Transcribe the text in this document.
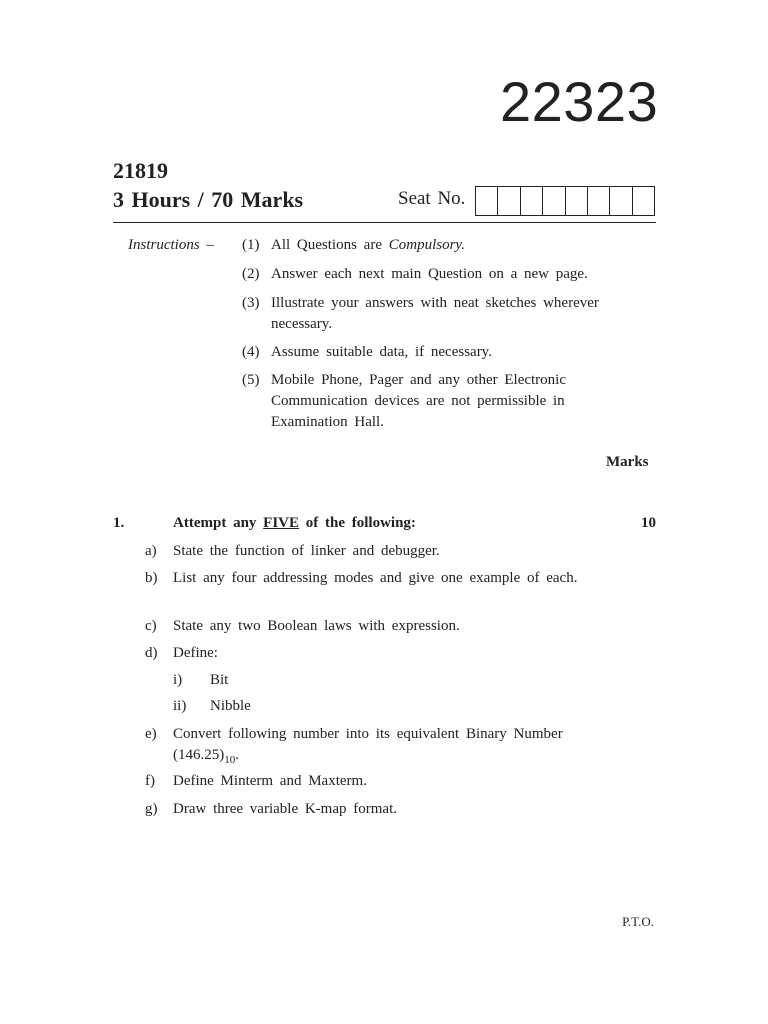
22323
21819
3 Hours / 70 Marks	Seat No.
Instructions – (1) All Questions are Compulsory.
(2) Answer each next main Question on a new page.
(3) Illustrate your answers with neat sketches wherever necessary.
(4) Assume suitable data, if necessary.
(5) Mobile Phone, Pager and any other Electronic Communication devices are not permissible in Examination Hall.
Marks
1.	Attempt any FIVE of the following:	10
a) State the function of linker and debugger.
b) List any four addressing modes and give one example of each.
c) State any two Boolean laws with expression.
d) Define:
i) Bit
ii) Nibble
e) Convert following number into its equivalent Binary Number
$(146.25)_{10}$.
f) Define Minterm and Maxterm.
g) Draw three variable K-map format.
P.T.O.
